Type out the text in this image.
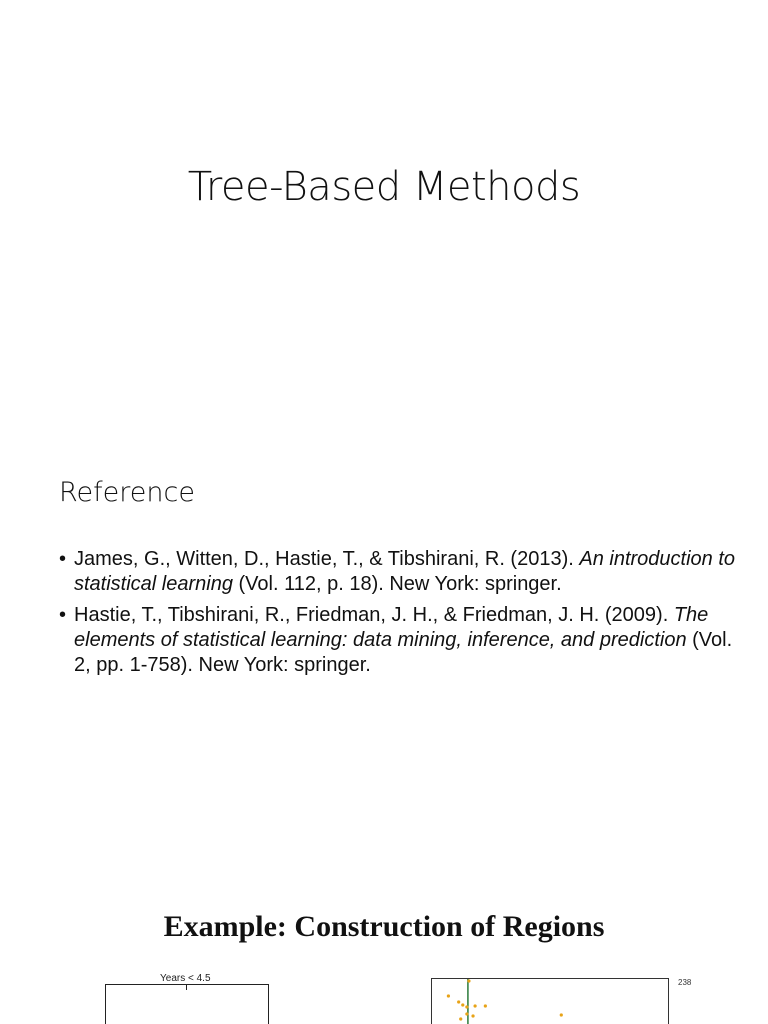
Tree-Based Methods
Reference
• James, G., Witten, D., Hastie, T., & Tibshirani, R. (2013). An introduction to statistical learning (Vol. 112, p. 18). New York: springer.
• Hastie, T., Tibshirani, R., Friedman, J. H., & Friedman, J. H. (2009). The elements of statistical learning: data mining, inference, and prediction (Vol. 2, pp. 1-758). New York: springer.
Example: Construction of Regions
Years < 4.5	238
